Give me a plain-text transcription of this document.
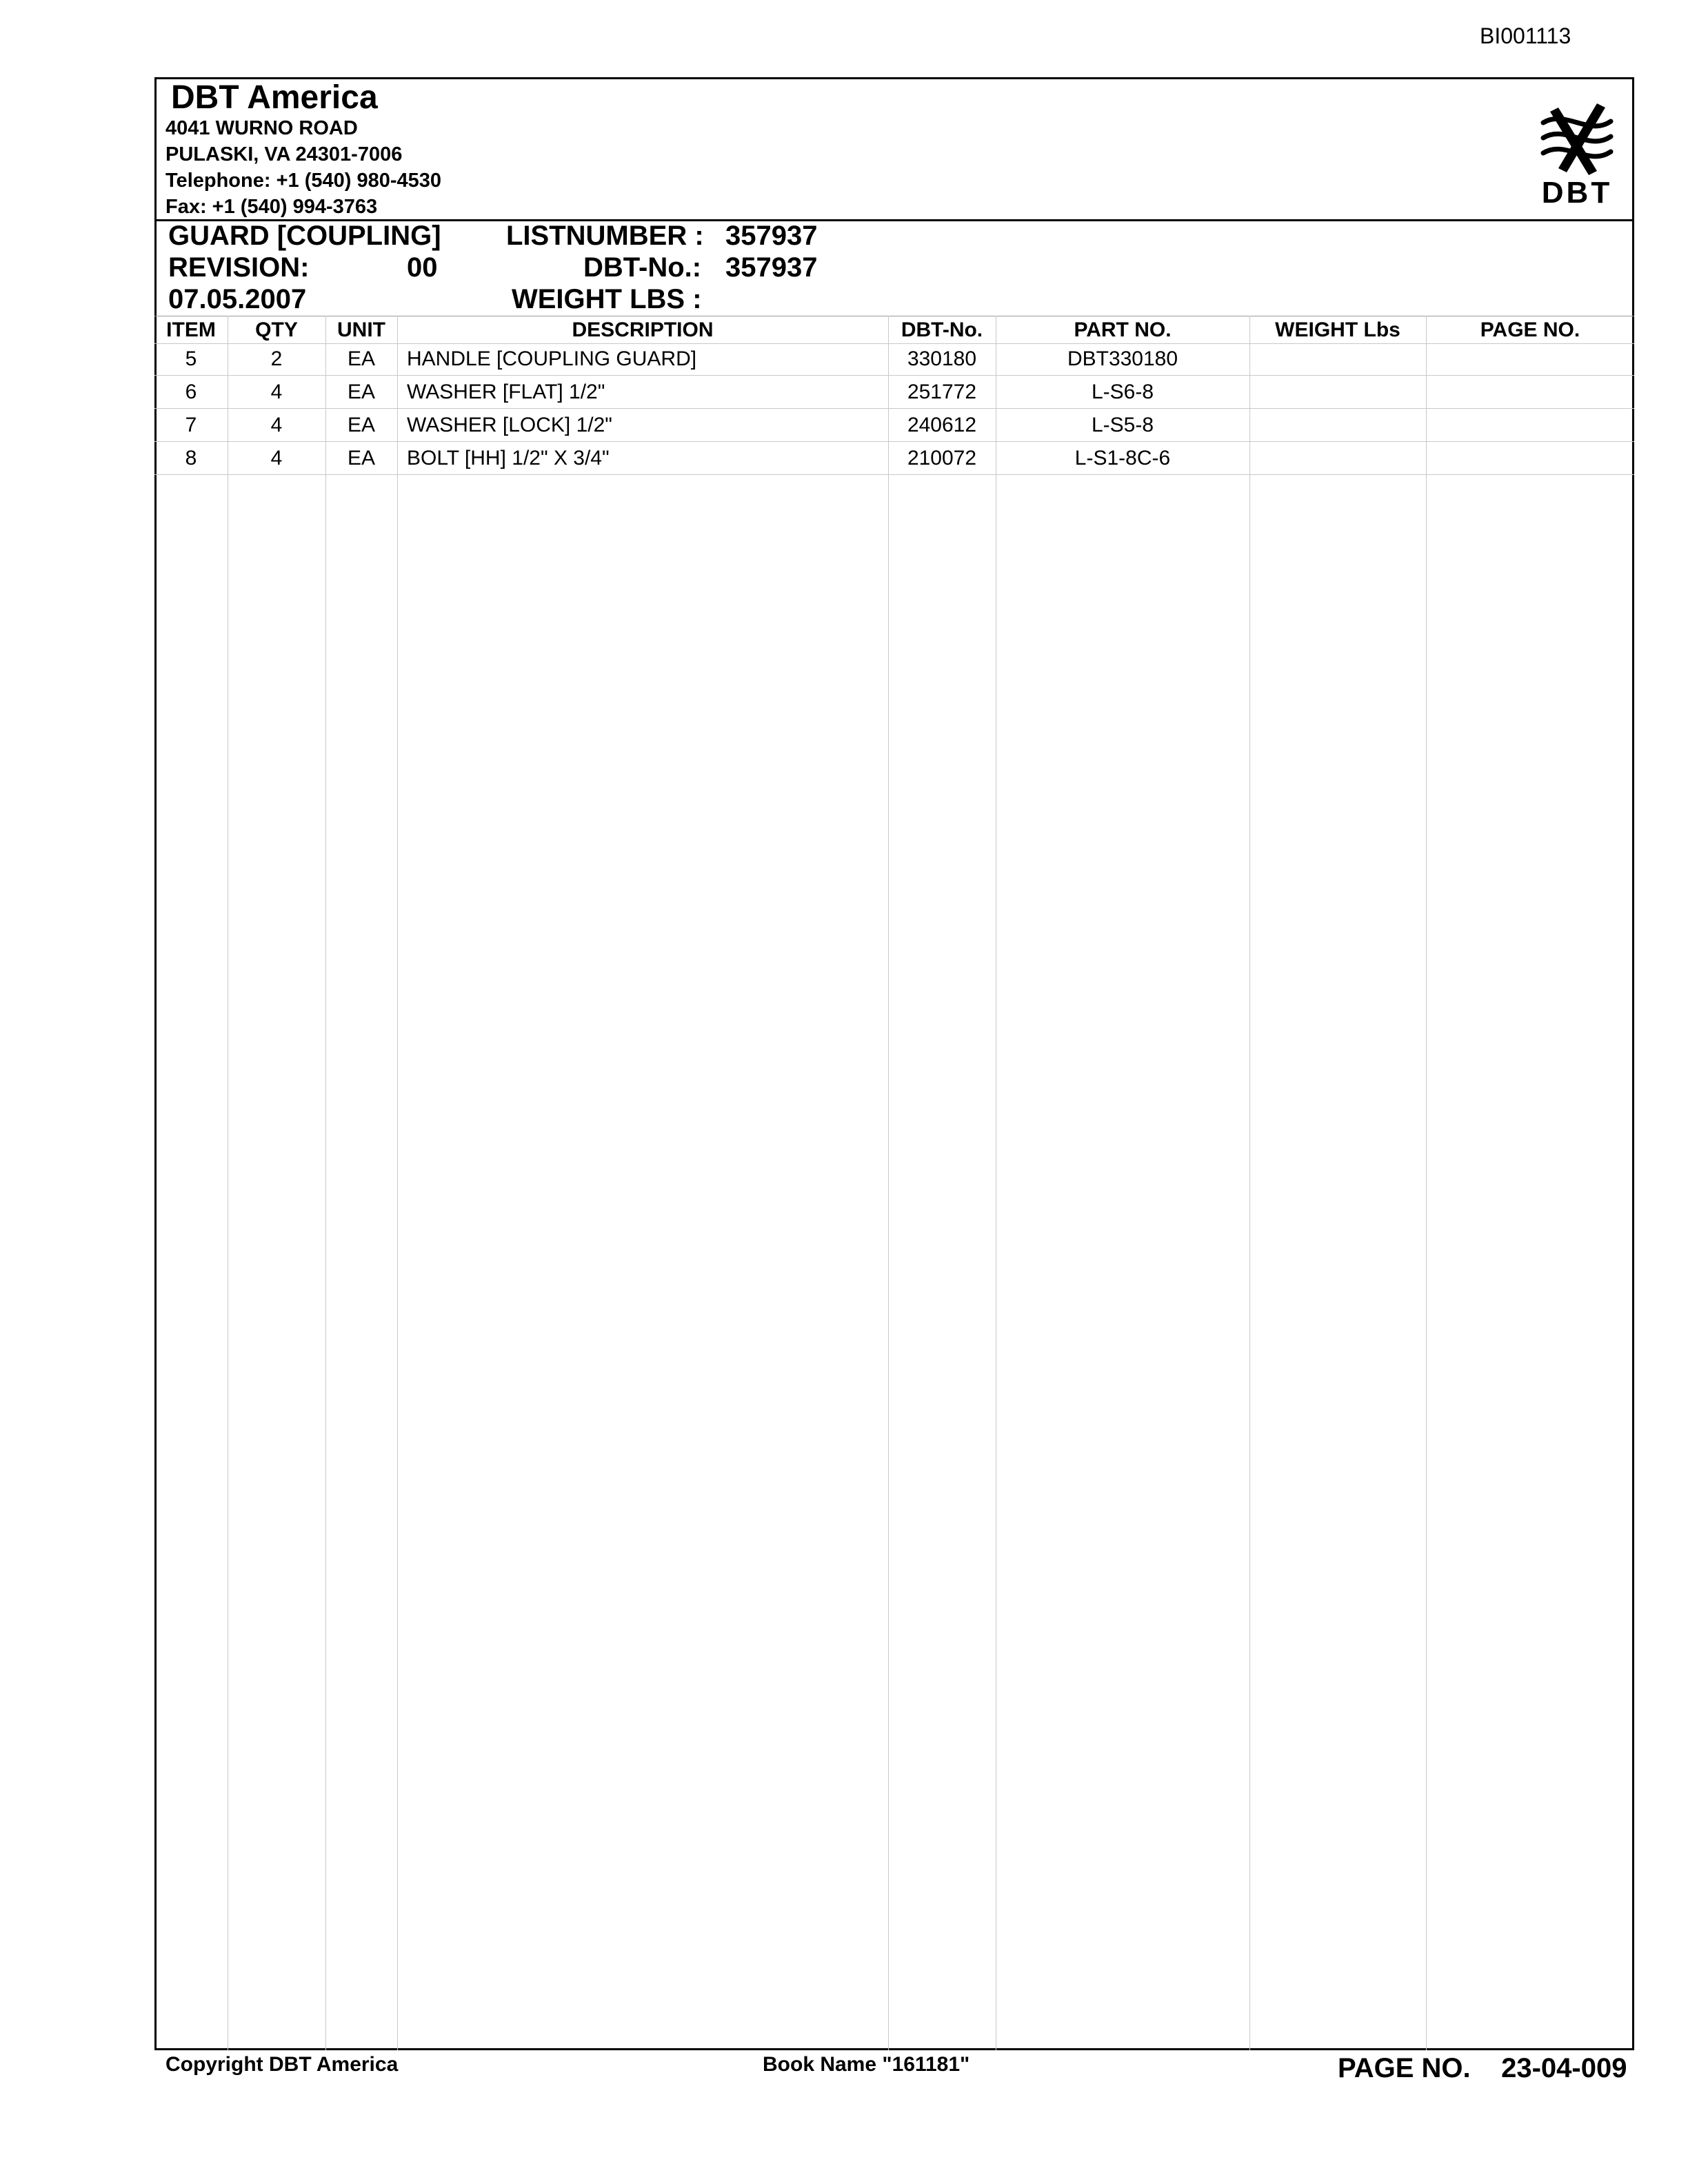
BI001113
DBT America
4041 WURNO ROAD
PULASKI, VA 24301-7006
Telephone: +1 (540) 980-4530
Fax: +1 (540) 994-3763	DBT
GUARD [COUPLING] LISTNUMBER : 357937
REVISION:	00	DBT-No.: 357937
07.05.2007	WEIGHT LBS :
ITEM	QTY	UNIT	DESCRIPTION	DBT-No.	PART NO.	WEIGHT Lbs	PAGE NO.
5	2	EA	HANDLE [COUPLING GUARD]	330180	DBT330180
6	4	EA	WASHER [FLAT] 1/2"	251772	L-S6-8
7	4	EA	WASHER [LOCK] 1/2"	240612	L-S5-8
8	4	EA	BOLT [HH] 1/2" X 3/4"	210072	L-S1-8C-6
Copyright DBT America	Book Name "161181"	PAGE NO.    23-04-009
